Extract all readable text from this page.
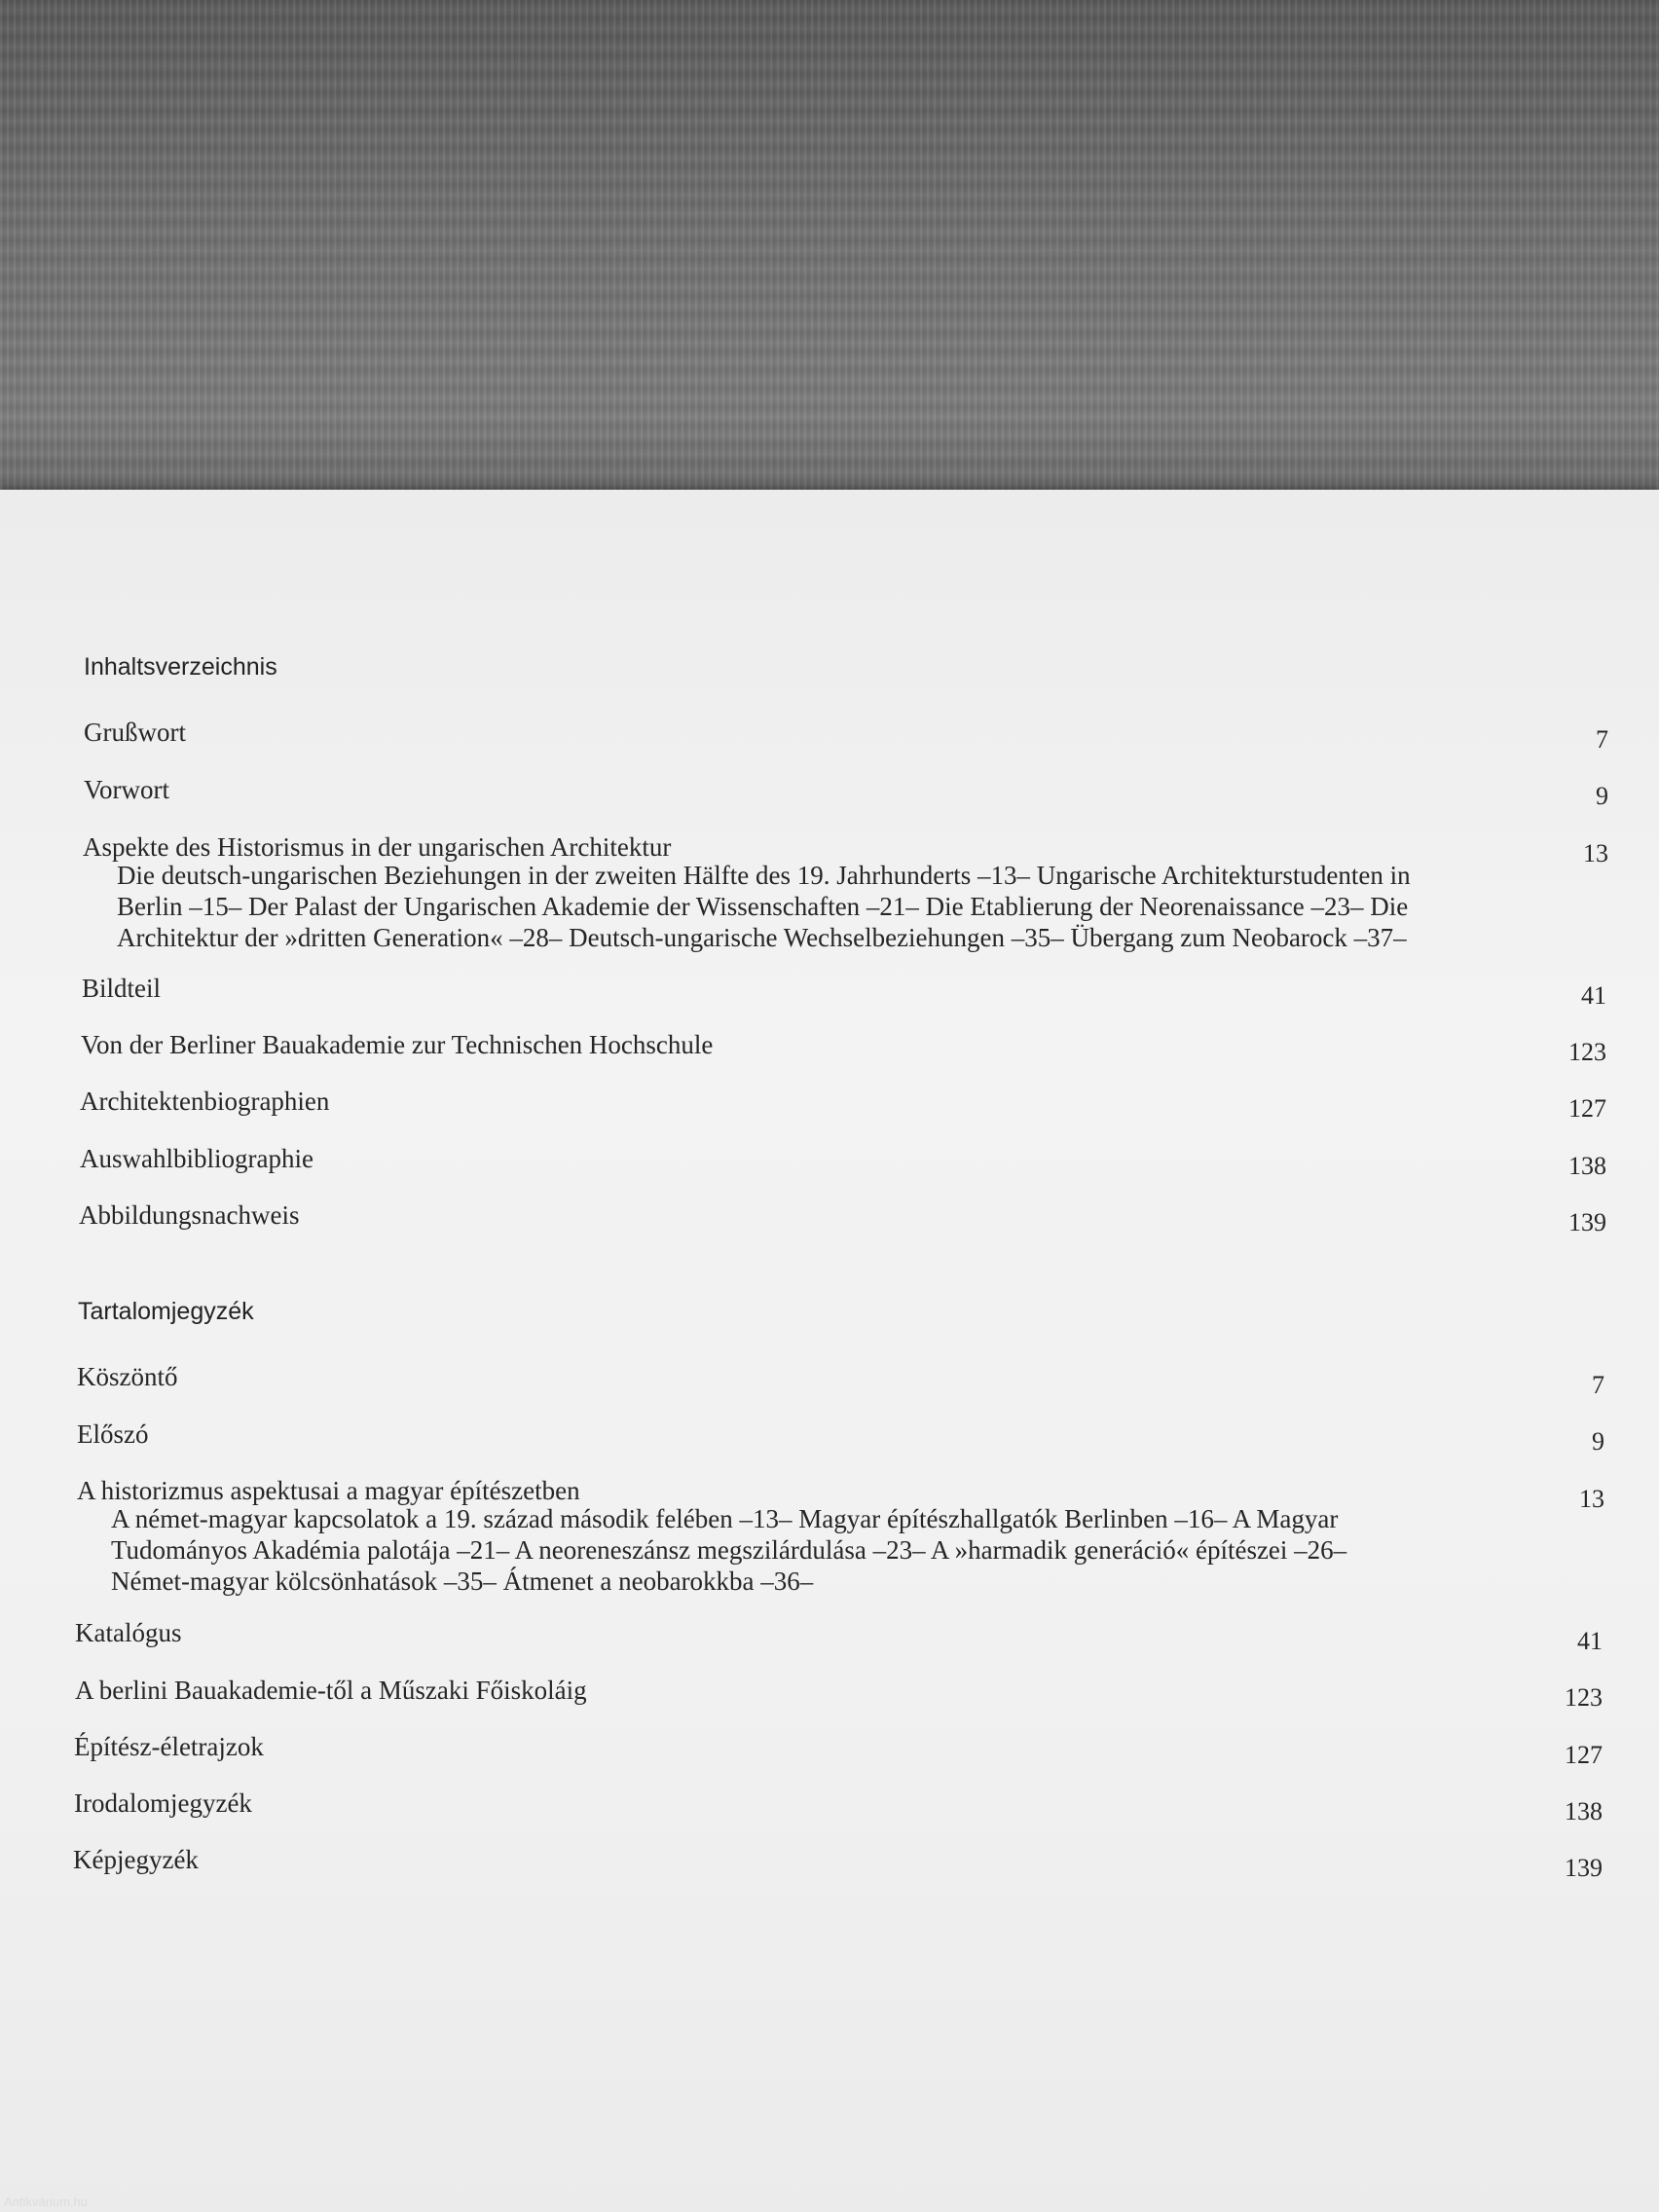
Inhaltsverzeichnis
Grußwort	7
Vorwort	9
Aspekte des Historismus in der ungarischen Architektur	13
Die deutsch-ungarischen Beziehungen in der zweiten Hälfte des 19. Jahrhunderts –13– Ungarische Architekturstudenten in
Berlin –15– Der Palast der Ungarischen Akademie der Wissenschaften –21– Die Etablierung der Neorenaissance –23– Die
Architektur der »dritten Generation« –28– Deutsch-ungarische Wechselbeziehungen –35– Übergang zum Neobarock –37–
Bildteil	41
Von der Berliner Bauakademie zur Technischen Hochschule	123
Architektenbiographien	127
Auswahlbibliographie	138
Abbildungsnachweis	139
Tartalomjegyzék
Köszöntő	7
Előszó	9
A historizmus aspektusai a magyar építészetben	13
A német-magyar kapcsolatok a 19. század második felében –13– Magyar építészhallgatók Berlinben –16– A Magyar
Tudományos Akadémia palotája –21– A neoreneszánsz megszilárdulása –23– A »harmadik generáció« építészei –26–
Német-magyar kölcsönhatások –35– Átmenet a neobarokkba –36–
Katalógus	41
A berlini Bauakademie-től a Műszaki Főiskoláig	123
Építész-életrajzok	127
Irodalomjegyzék	138
Képjegyzék	139
Antikvárium.hu
